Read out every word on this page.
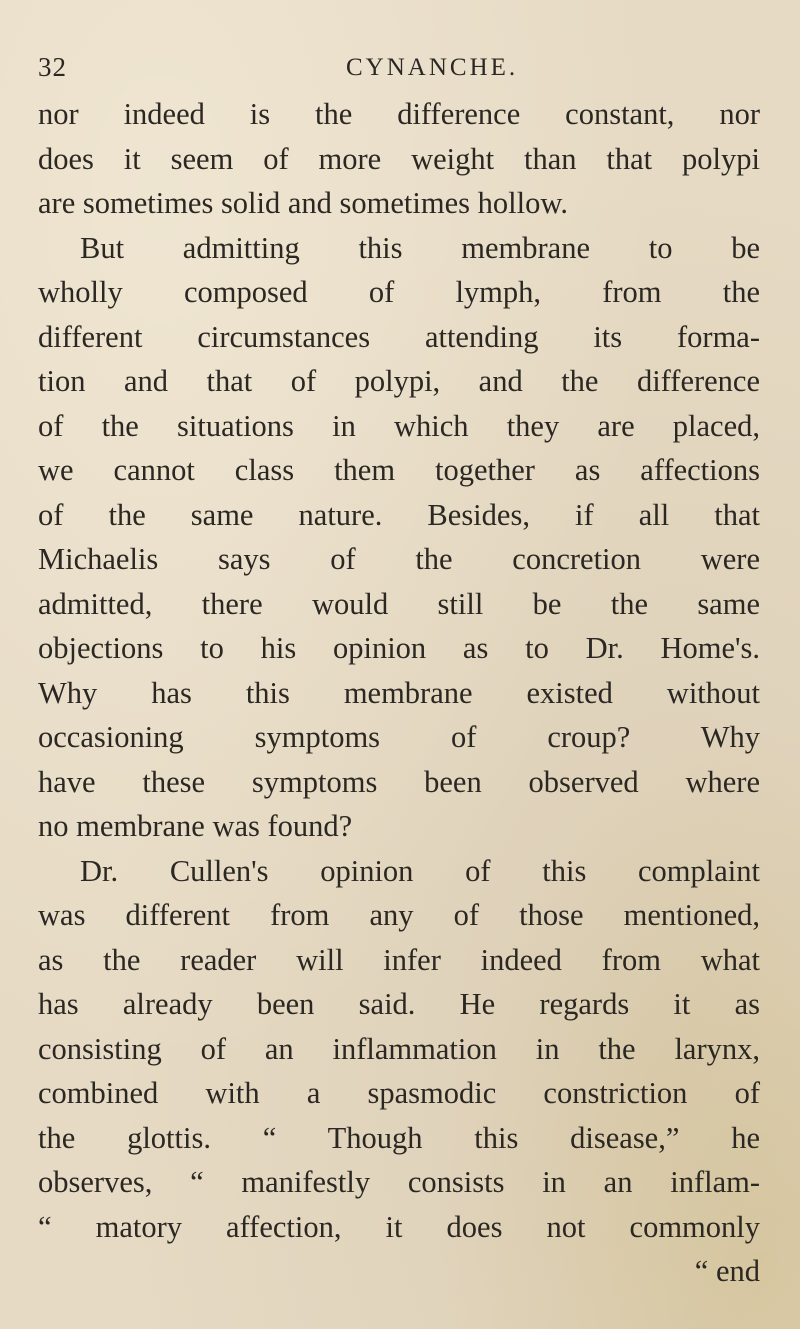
32	CYNANCHE.
nor indeed is the difference constant, nor
does it seem of more weight than that polypi
are sometimes solid and sometimes hollow.
But admitting this membrane to be
wholly composed of lymph, from the
different circumstances attending its forma-
tion and that of polypi, and the difference
of the situations in which they are placed,
we cannot class them together as affections
of the same nature. Besides, if all that
Michaelis says of the concretion were
admitted, there would still be the same
objections to his opinion as to Dr. Home's.
Why has this membrane existed without
occasioning symptoms of croup? Why
have these symptoms been observed where
no membrane was found?
Dr. Cullen's opinion of this complaint
was different from any of those mentioned,
as the reader will infer indeed from what
has already been said. He regards it as
consisting of an inflammation in the larynx,
combined with a spasmodic constriction of
the glottis. “ Though this disease,” he
observes, “ manifestly consists in an inflam-
“ matory affection, it does not commonly
“ end
